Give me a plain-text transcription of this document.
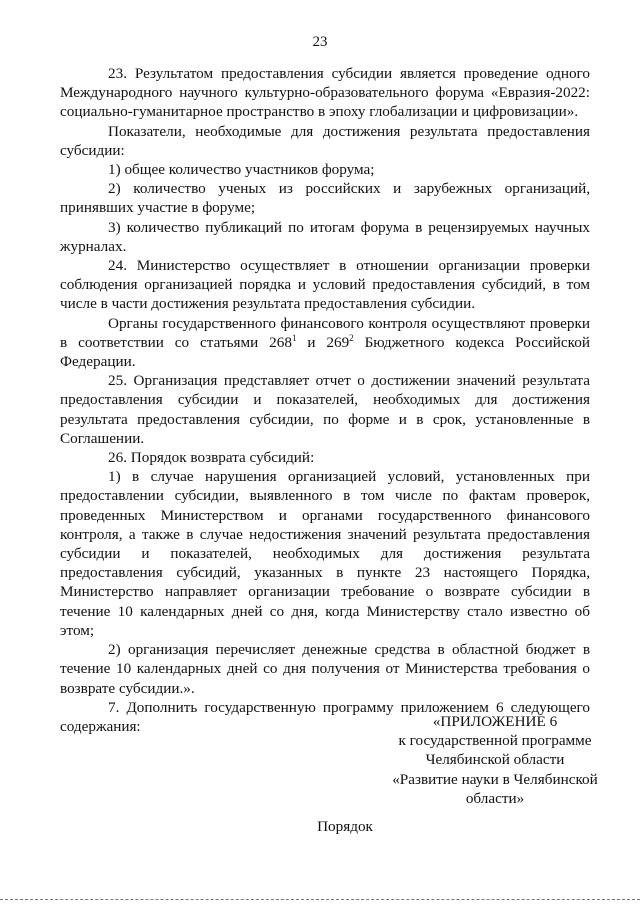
23

23. Результатом предоставления субсидии является проведение одного Международного научного культурно-образовательного форума «Евразия-2022: социально-гуманитарное пространство в эпоху глобализации и цифровизации».

Показатели, необходимые для достижения результата предоставления субсидии:

1) общее количество участников форума;

2) количество ученых из российских и зарубежных организаций, принявших участие в форуме;

3) количество публикаций по итогам форума в рецензируемых научных журналах.

24. Министерство осуществляет в отношении организации проверки соблюдения организацией порядка и условий предоставления субсидий, в том числе в части достижения результата предоставления субсидии.

Органы государственного финансового контроля осуществляют проверки в соответствии со статьями $268^1$ и $269^2$ Бюджетного кодекса Российской Федерации.

25. Организация представляет отчет о достижении значений результата предоставления субсидии и показателей, необходимых для достижения результата предоставления субсидии, по форме и в срок, установленные в Соглашении.

26. Порядок возврата субсидий:

1) в случае нарушения организацией условий, установленных при предоставлении субсидии, выявленного в том числе по фактам проверок, проведенных Министерством и органами государственного финансового контроля, а также в случае недостижения значений результата предоставления субсидии и показателей, необходимых для достижения результата предоставления субсидий, указанных в пункте 23 настоящего Порядка, Министерство направляет организации требование о возврате субсидии в течение 10 календарных дней со дня, когда Министерству стало известно об этом;

2) организация перечисляет денежные средства в областной бюджет в течение 10 календарных дней со дня получения от Министерства требования о возврате субсидии.».

7. Дополнить государственную программу приложением 6 следующего содержания:	«ПРИЛОЖЕНИЕ 6
к государственной программе
Челябинской области
«Развитие науки в Челябинской
области»
Порядок
